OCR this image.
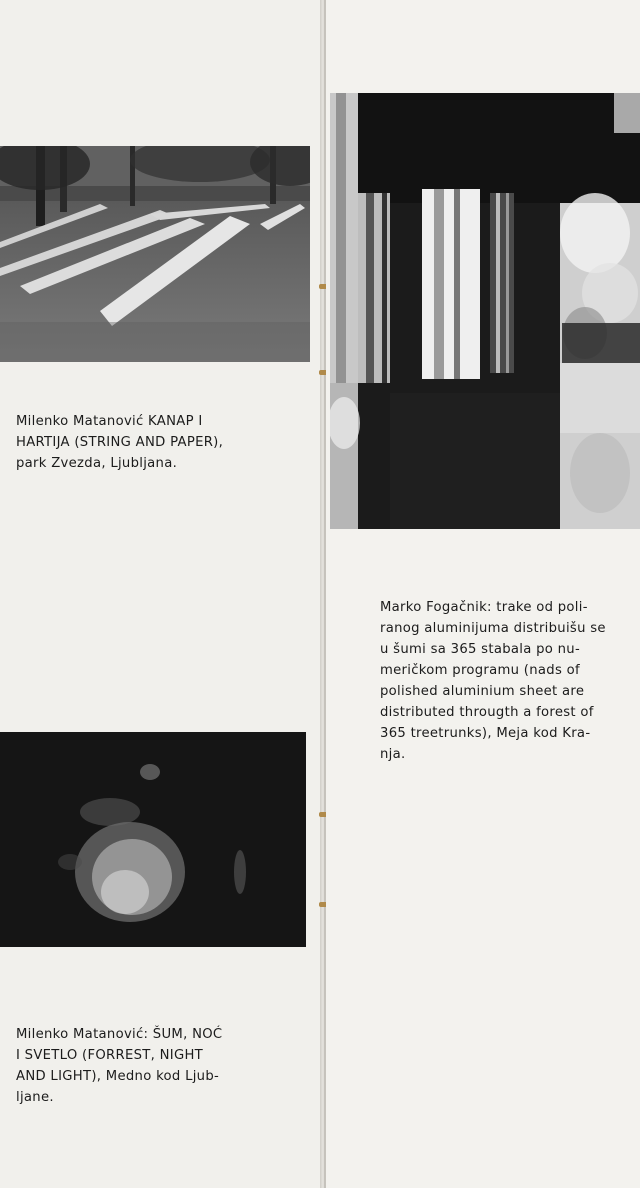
Milenko Matanović KANAP I

HARTIJA (STRING AND PAPER),

park Zvezda, Ljubljana.

Milenko Matanović: ŠUM, NOĆ

I SVETLO (FORREST, NIGHT

AND LIGHT), Medno kod Ljub-

ljane.

Marko Fogačnik: trake od poli-

ranog aluminijuma distribuišu se

u šumi sa 365 stabala po nu-

meričkom programu (nads of

polished aluminium sheet are

distributed througth a forest of

365 treetrunks), Meja kod Kra-

nja.
